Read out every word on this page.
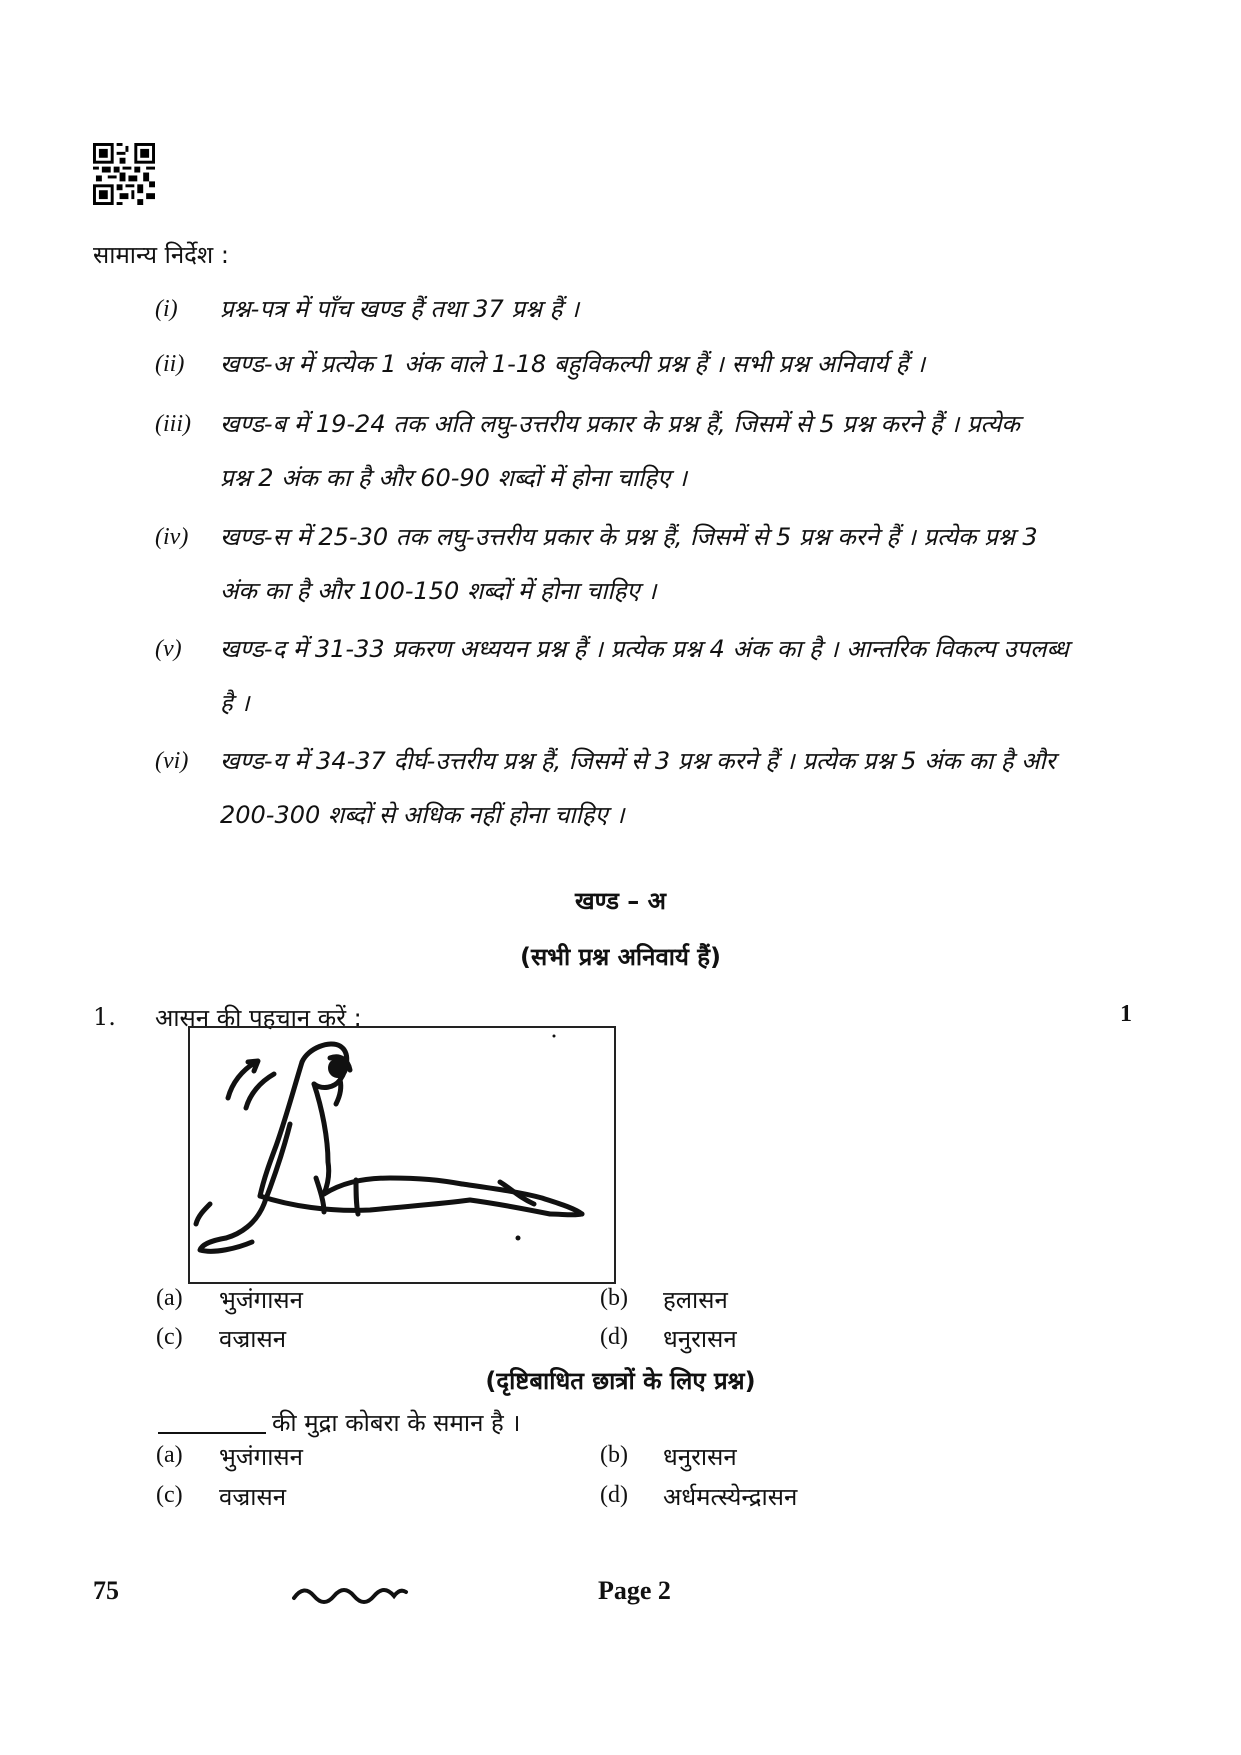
सामान्य निर्देश :
(i) प्रश्न-पत्र में पाँच खण्ड हैं तथा 37 प्रश्न हैं ।
(ii) खण्ड-अ में प्रत्येक 1 अंक वाले 1-18 बहुविकल्पी प्रश्न हैं । सभी प्रश्न अनिवार्य हैं ।
(iii) खण्ड-ब में 19-24 तक अति लघु-उत्तरीय प्रकार के प्रश्न हैं, जिसमें से 5 प्रश्न करने हैं । प्रत्येक
प्रश्न 2 अंक का है और 60-90 शब्दों में होना चाहिए ।
(iv) खण्ड-स में 25-30 तक लघु-उत्तरीय प्रकार के प्रश्न हैं, जिसमें से 5 प्रश्न करने हैं । प्रत्येक प्रश्न 3
अंक का है और 100-150 शब्दों में होना चाहिए ।
(v) खण्ड-द में 31-33 प्रकरण अध्ययन प्रश्न हैं । प्रत्येक प्रश्न 4 अंक का है । आन्तरिक विकल्प उपलब्ध
है ।
(vi) खण्ड-य में 34-37 दीर्घ-उत्तरीय प्रश्न हैं, जिसमें से 3 प्रश्न करने हैं । प्रत्येक प्रश्न 5 अंक का है और
200-300 शब्दों से अधिक नहीं होना चाहिए ।
खण्ड – अ
(सभी प्रश्न अनिवार्य हैं)
1. आसन की पहचान करें :	1
(a) भुजंगासन	(b) हलासन
(c) वज्रासन	(d) धनुरासन
(दृष्टिबाधित छात्रों के लिए प्रश्न)
की मुद्रा कोबरा के समान है ।
(a) भुजंगासन	(b) धनुरासन
(c) वज्रासन	(d) अर्धमत्स्येन्द्रासन
75	Page 2
